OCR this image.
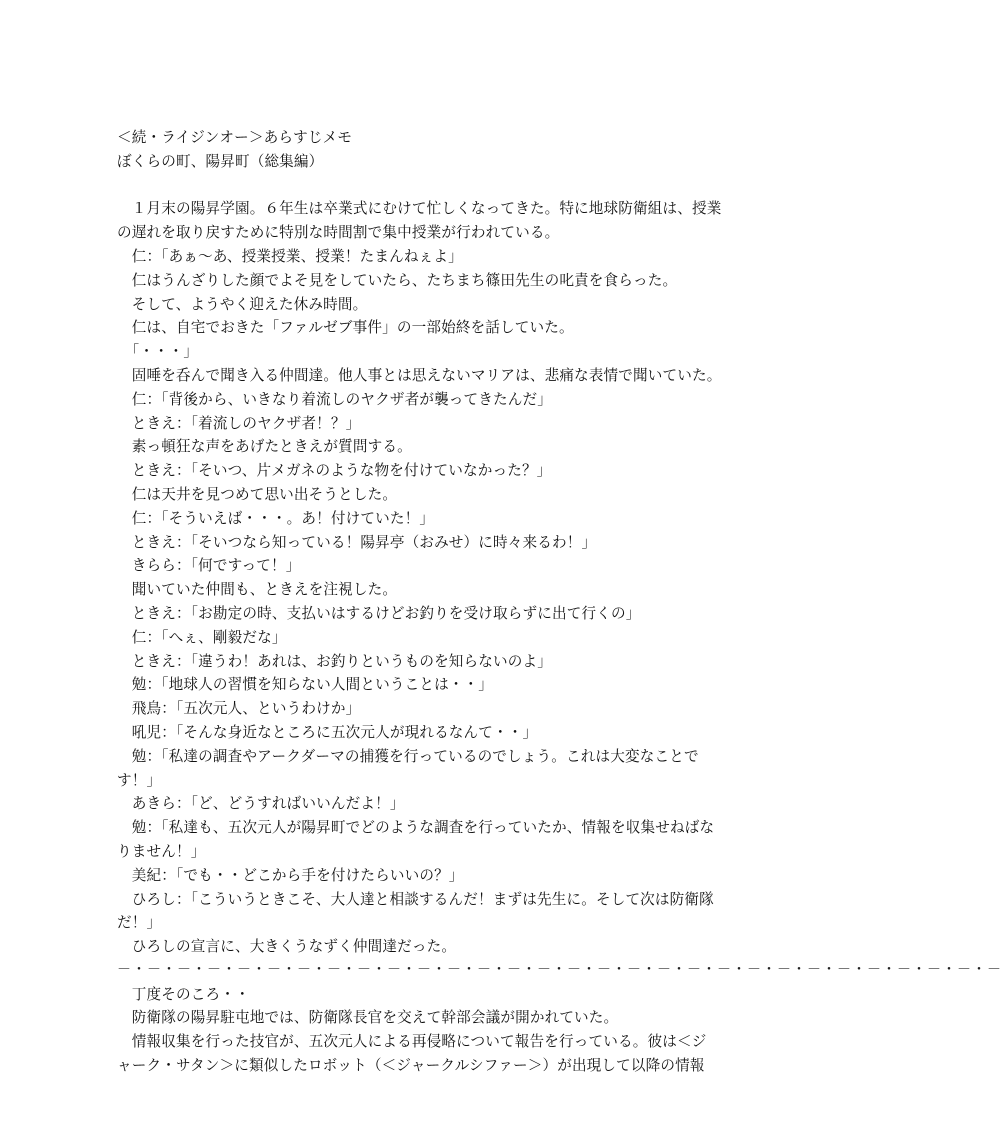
＜続・ライジンオー＞あらすじメモ
ぼくらの町、陽昇町（総集編）
　１月末の陽昇学園。６年生は卒業式にむけて忙しくなってきた。特に地球防衛組は、授業
の遅れを取り戻すために特別な時間割で集中授業が行われている。
　仁：「あぁ～あ、授業授業、授業！たまんねぇよ」
　仁はうんざりした顔でよそ見をしていたら、たちまち篠田先生の叱責を食らった。
　そして、ようやく迎えた休み時間。
　仁は、自宅でおきた「ファルゼブ事件」の一部始終を話していた。
　「・・・」
　固唾を呑んで聞き入る仲間達。他人事とは思えないマリアは、悲痛な表情で聞いていた。
　仁：「背後から、いきなり着流しのヤクザ者が襲ってきたんだ」
　ときえ：「着流しのヤクザ者！？」
　素っ頓狂な声をあげたときえが質問する。
　ときえ：「そいつ、片メガネのような物を付けていなかった？」
　仁は天井を見つめて思い出そうとした。
　仁：「そういえば・・・。あ！付けていた！」
　ときえ：「そいつなら知っている！陽昇亭（おみせ）に時々来るわ！」
　きらら：「何ですって！」
　聞いていた仲間も、ときえを注視した。
　ときえ：「お勘定の時、支払いはするけどお釣りを受け取らずに出て行くの」
　仁：「へぇ、剛毅だな」
　ときえ：「違うわ！あれは、お釣りというものを知らないのよ」
　勉：「地球人の習慣を知らない人間ということは・・」
　飛鳥：「五次元人、というわけか」
　吼児：「そんな身近なところに五次元人が現れるなんて・・」
　勉：「私達の調査やアークダーマの捕獲を行っているのでしょう。これは大変なことで
す！」
　あきら：「ど、どうすればいいんだよ！」
　勉：「私達も、五次元人が陽昇町でどのような調査を行っていたか、情報を収集せねばな
りません！」
　美紀：「でも・・どこから手を付けたらいいの？」
　ひろし：「こういうときこそ、大人達と相談するんだ！まずは先生に。そして次は防衛隊
だ！」
　ひろしの宣言に、大きくうなずく仲間達だった。
－・－・－・－・－・－・－・－・－・－・－・－・－・－・－・－・－・－・－・－・－・－・－・－・－・－・－・－・－・－
　丁度そのころ・・
　防衛隊の陽昇駐屯地では、防衛隊長官を交えて幹部会議が開かれていた。
　情報収集を行った技官が、五次元人による再侵略について報告を行っている。彼は＜ジ
ャーク・サタン＞に類似したロボット（＜ジャークルシファー＞）が出現して以降の情報
